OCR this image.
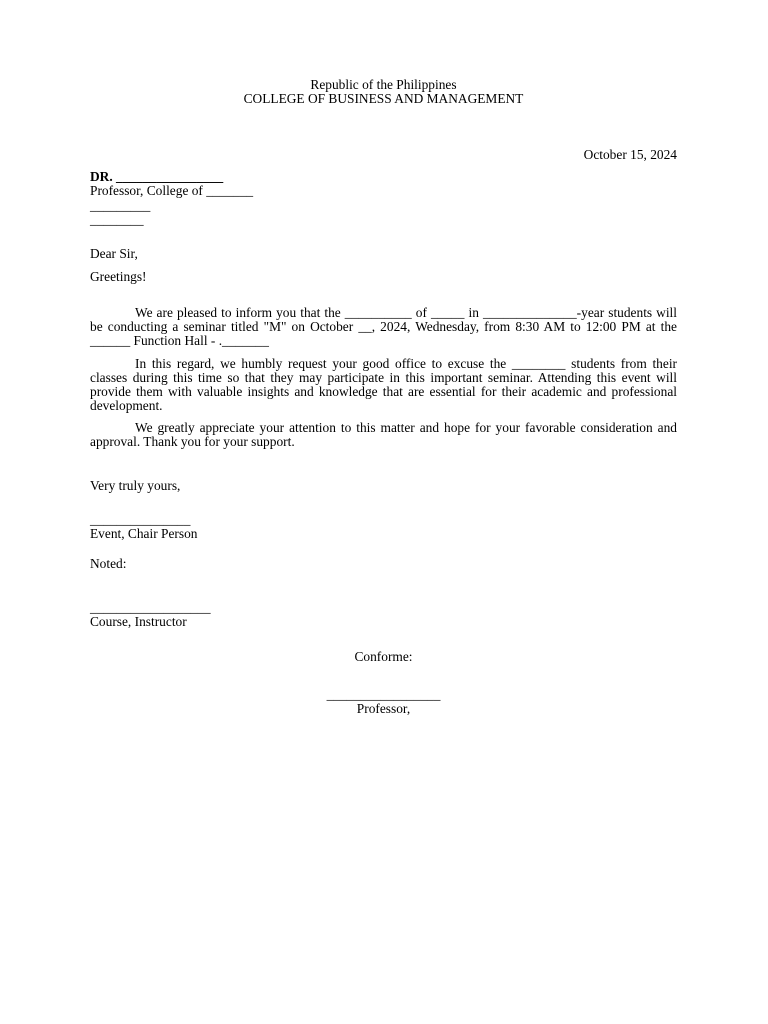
Republic of the Philippines
COLLEGE OF BUSINESS AND MANAGEMENT
October 15, 2024
DR. ________________
Professor, College of _______
_________
________
Dear Sir,
Greetings!
We are pleased to inform you that the __________ of _____ in ______________-year students will be conducting a seminar titled "M" on October __, 2024, Wednesday, from 8:30 AM to 12:00 PM at the ______ Function Hall - ._______
In this regard, we humbly request your good office to excuse the ________ students from their classes during this time so that they may participate in this important seminar. Attending this event will provide them with valuable insights and knowledge that are essential for their academic and professional development.
We greatly appreciate your attention to this matter and hope for your favorable consideration and approval. Thank you for your support.
Very truly yours,
_______________
Event, Chair Person
Noted:
__________________
Course, Instructor
Conforme:
_________________
Professor,
